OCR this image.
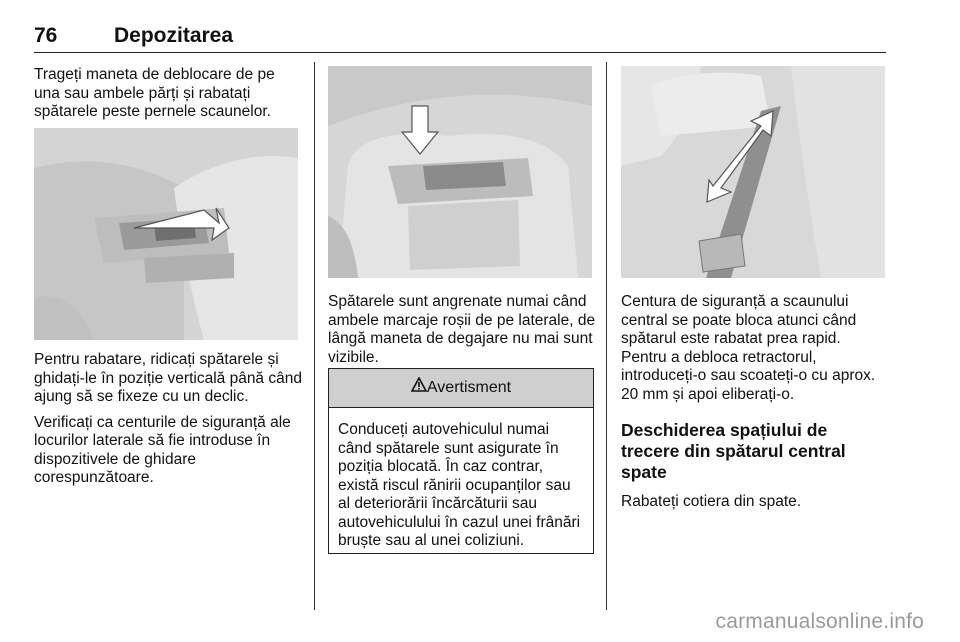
76	Depozitarea

Trageți maneta de deblocare de pe una sau ambele părți și rabatați spătarele peste pernele scaunelor.

Pentru rabatare, ridicați spătarele și ghidați-le în poziție verticală până când ajung să se fixeze cu un declic.

Verificați ca centurile de siguranță ale locurilor laterale să fie introduse în dispozitivele de ghidare corespunzătoare.

Spătarele sunt angrenate numai când ambele marcaje roșii de pe laterale, de lângă maneta de degajare nu mai sunt vizibile.

Avertisment

Conduceți autovehiculul numai când spătarele sunt asigurate în poziția blocată. În caz contrar, există riscul rănirii ocupanților sau al deteriorării încărcăturii sau autovehiculului în cazul unei frânări bruște sau al unei coliziuni.

Centura de siguranță a scaunului central se poate bloca atunci când spătarul este rabatat prea rapid. Pentru a debloca retractorul, introduceți-o sau scoateți-o cu aprox. 20 mm și apoi eliberați-o.

Deschiderea spațiului de trecere din spătarul central spate

Rabateți cotiera din spate.

carmanualsonline.info
